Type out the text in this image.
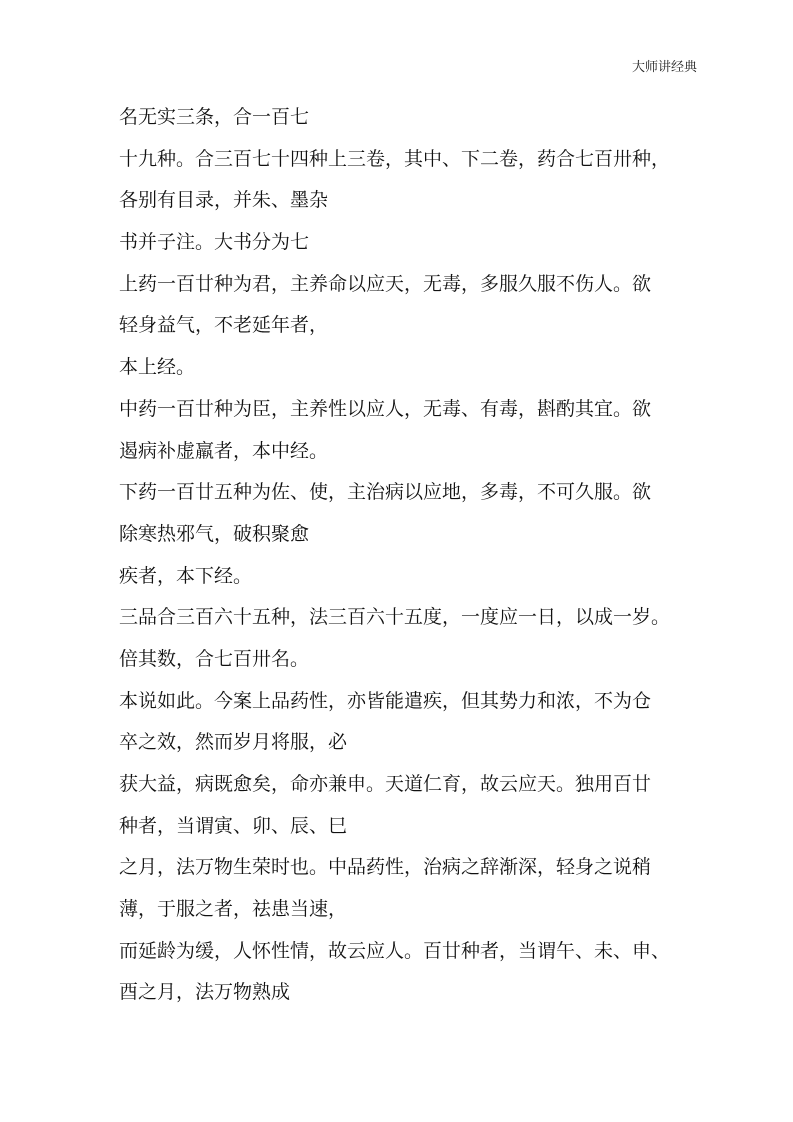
大师讲经典
名无实三条，合一百七
十九种。合三百七十四种上三卷，其中、下二卷，药合七百卅种，
各别有目录，并朱、墨杂
书并子注。大书分为七
上药一百廿种为君，主养命以应天，无毒，多服久服不伤人。欲
轻身益气，不老延年者，
本上经。
中药一百廿种为臣，主养性以应人，无毒、有毒，斟酌其宜。欲
遏病补虚羸者，本中经。
下药一百廿五种为佐、使，主治病以应地，多毒，不可久服。欲
除寒热邪气，破积聚愈
疾者，本下经。
三品合三百六十五种，法三百六十五度，一度应一日，以成一岁。
倍其数，合七百卅名。
本说如此。今案上品药性，亦皆能遣疾，但其势力和浓，不为仓
卒之效，然而岁月将服，必
获大益，病既愈矣，命亦兼申。天道仁育，故云应天。独用百廿
种者，当谓寅、卯、辰、巳
之月，法万物生荣时也。中品药性，治病之辞渐深，轻身之说稍
薄，于服之者，祛患当速，
而延龄为缓，人怀性情，故云应人。百廿种者，当谓午、未、申、
酉之月，法万物熟成
